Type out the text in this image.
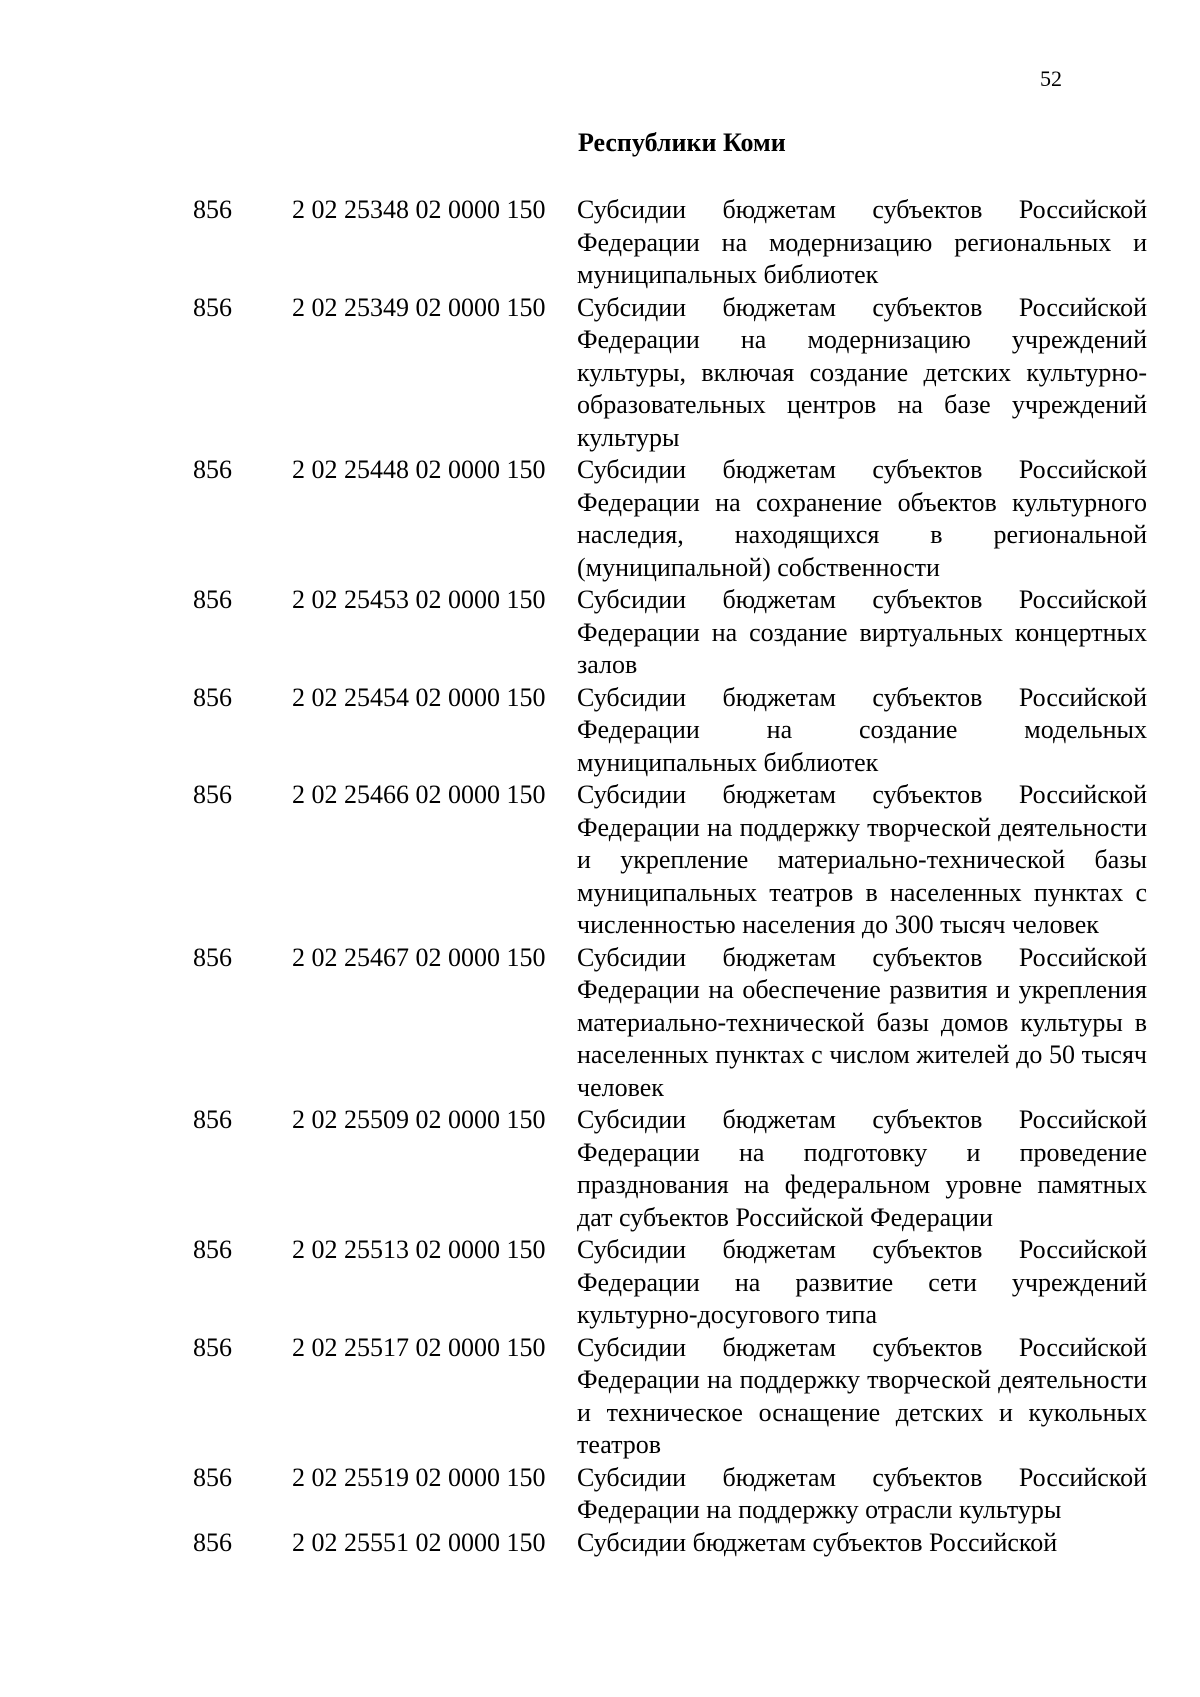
52
Республики Коми
856	2 02 25348 02 0000 150	Субсидии бюджетам субъектов Российской Федерации на модернизацию региональных и муниципальных библиотек
856	2 02 25349 02 0000 150	Субсидии бюджетам субъектов Российской Федерации на модернизацию учреждений культуры, включая создание детских культурно-образовательных центров на базе учреждений культуры
856	2 02 25448 02 0000 150	Субсидии бюджетам субъектов Российской Федерации на сохранение объектов культурного наследия, находящихся в региональной (муниципальной) собственности
856	2 02 25453 02 0000 150	Субсидии бюджетам субъектов Российской Федерации на создание виртуальных концертных залов
856	2 02 25454 02 0000 150	Субсидии бюджетам субъектов Российской Федерации на создание модельных муниципальных библиотек
856	2 02 25466 02 0000 150	Субсидии бюджетам субъектов Российской Федерации на поддержку творческой деятельности и укрепление материально-технической базы муниципальных театров в населенных пунктах с численностью населения до 300 тысяч человек
856	2 02 25467 02 0000 150	Субсидии бюджетам субъектов Российской Федерации на обеспечение развития и укрепления материально-технической базы домов культуры в населенных пунктах с числом жителей до 50 тысяч человек
856	2 02 25509 02 0000 150	Субсидии бюджетам субъектов Российской Федерации на подготовку и проведение празднования на федеральном уровне памятных дат субъектов Российской Федерации
856	2 02 25513 02 0000 150	Субсидии бюджетам субъектов Российской Федерации на развитие сети учреждений культурно-досугового типа
856	2 02 25517 02 0000 150	Субсидии бюджетам субъектов Российской Федерации на поддержку творческой деятельности и техническое оснащение детских и кукольных театров
856	2 02 25519 02 0000 150	Субсидии бюджетам субъектов Российской Федерации на поддержку отрасли культуры
856	2 02 25551 02 0000 150	Субсидии бюджетам субъектов Российской
